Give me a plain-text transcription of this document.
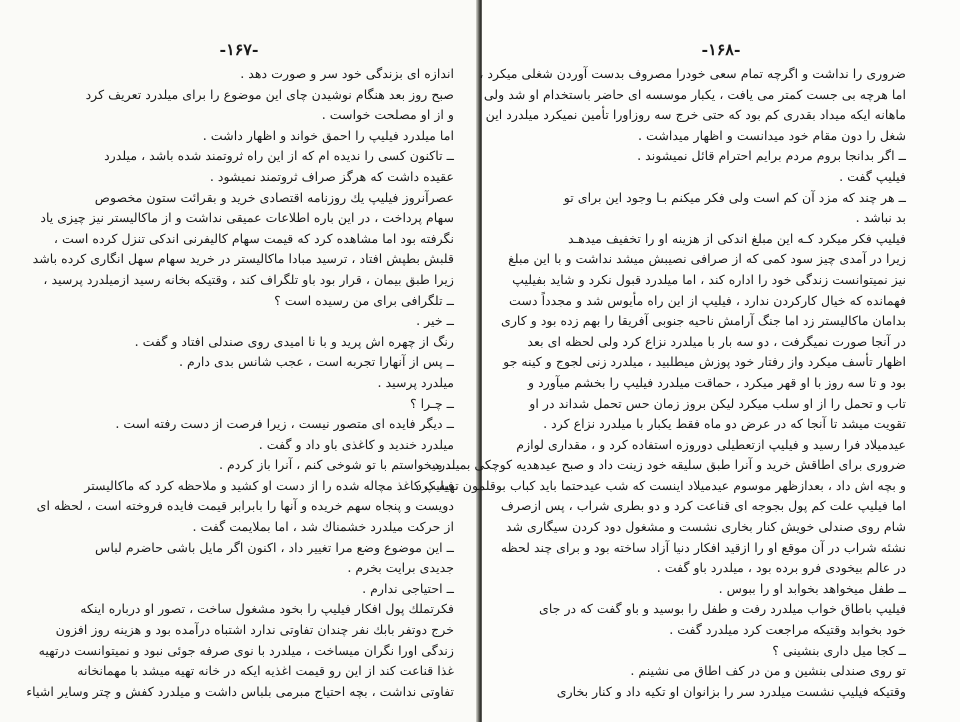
-۱۶۷-
اندازه ای بزندگی خود سر و صورت دهد .
صبح روز بعد هنگام نوشیدن چای این موضوع را برای میلدرد تعریف کرد
و از او مصلحت خواست .
اما میلدرد فیلیپ را احمق خواند و اظهار داشت .
ــ تاکنون کسی را ندیده ام که از این راه ثروتمند شده باشد ، میلدرد
عقیده داشت که هرگز صراف ثروتمند نمیشود .
عصرآنروز فیلیپ یك روزنامه اقتصادی خرید و بقرائت ستون مخصوص
سهام پرداخت ، در این باره اطلاعات عمیقی نداشت و از ماکالیستر نیز چیزی یاد
نگرفته بود اما مشاهده کرد که قیمت سهام کالیفرنی اندکی تنزل کرده است ،
قلبش بطپش افتاد ، ترسید مبادا ماکالیستر در خرید سهام سهل انگاری کرده باشد
زیرا طبق بیمان ، قرار بود باو تلگراف کند ، وقتیکه بخانه رسید ازمیلدرد پرسید ،
ــ تلگرافی برای من رسیده است ؟
ــ خیر .
رنگ از چهره اش پرید و با نا امیدی روی صندلی افتاد و گفت .
ــ پس از آنهارا تجربه است ، عجب شانس بدی دارم .
میلدرد پرسید .
ــ چـرا ؟
ــ دیگر فایده ای متصور نیست ، زیرا فرصت از دست رفته است .
میلدرد خندید و کاغذی باو داد و گفت .
ــ میخواستم با تو شوخی کنم ، آنرا باز کردم .
فیلیپ کاغذ مچاله شده را از دست او کشید و ملاحظه کرد که ماکالیستر
دویست و پنجاه سهم خریده و آنها را بابرابر قیمت فایده فروخته است ، لحظه ای
از حرکت میلدرد خشمناك شد ، اما بملایمت گفت .
ــ این موضوع وضع مرا تغییر داد ، اکنون اگر مایل باشی حاضرم لباس
جدیدی برایت بخرم .
ــ احتیاجی ندارم .
فکرتملك پول افکار فیلیپ را بخود مشغول ساخت ، تصور او درباره اینکه
خرج دوتفر بابك نفر چندان تفاوتی ندارد اشتباه درآمده بود و هزینه روز افزون
زندگی اورا نگران میساخت ، میلدرد با نوی صرفه جوئی نبود و نمیتوانست درتهیه
غذا قناعت کند از این رو قیمت اغذیه ایکه در خانه تهیه میشد با مهمانخانه
تفاوتی نداشت ، بچه احتیاج مبرمی بلباس داشت و میلدرد کفش و چتر وسایر اشیاء
-۱۶۸-
ضروری را نداشت و اگرچه تمام سعی خودرا مصروف بدست آوردن شغلی میکرد ،
اما هرچه بی جست کمتر می یافت ، یکبار موسسه ای حاضر باستخدام او شد ولی
ماهانه ایکه میداد بقدری کم بود که حتی خرج سه روزاورا تأمین نمیکرد میلدرد این
شغل را دون مقام خود میدانست و اظهار میداشت .
ــ اگر بدانجا بروم مردم برایم احترام قائل نمیشوند .
فیلیپ گفت .
ــ هر چند که مزد آن کم است ولی فکر میکنم بـا وجود این برای تو
بد نباشد .
فیلیپ فکر میکرد کـه این مبلغ اندکی از هزینه او را تخفیف میدهـد
زیرا در آمدی چیز سود کمی که از صرافی نصیبش میشد نداشت و با این مبلغ
نیز نمیتوانست زندگی خود را اداره کند ، اما میلدرد قبول نکرد و شاید بفیلیپ
فهمانده که خیال کارکردن ندارد ، فیلیپ از این راه مأیوس شد و مجدداً دست
بدامان ماکالیستر زد اما جنگ آرامش ناحیه جنوبی آفریقا را بهم زده بود و کاری
در آنجا صورت نمیگرفت ، دو سه بار با میلدرد نزاع کرد ولی لحظه ای بعد
اظهار تأسف میکرد واز رفتار خود پوزش میطلبید ، میلدرد زنی لجوج و کینه جو
بود و تا سه روز با او قهر میکرد ، حماقت میلدرد فیلیپ را بخشم میآورد و
تاب و تحمل را از او سلب میکرد لیکن بروز زمان حس تحمل شداند در او
تقویت میشد تا آنجا که در عرض دو ماه فقط یکبار با میلدرد نزاع کرد .
عیدمیلاد فرا رسید و فیلیپ ازتعطیلی دوروزه استفاده کرد و ، مقداری لوازم
ضروری برای اطاقش خرید و آنرا طبق سلیقه خود زینت داد و صبح عیدهدیه کوچکی بمیلدرد
و بچه اش داد ، بعدازظهر موسوم عیدمیلاد اینست که شب عیدحتما باید کباب بوقلمون تهیه کرد
اما فیلیپ علت کم پول بجوجه ای قناعت کرد و دو بطری شراب ، پس ازصرف
شام روی صندلی خویش کنار بخاری نشست و مشغول دود کردن سیگاری شد
نشئه شراب در آن موقع او را ازقید افکار دنیا آزاد ساخته بود و برای چند لحظه
در عالم بیخودی فرو برده بود ، میلدرد باو گفت .
ــ طفل میخواهد بخوابد او را ببوس .
فیلیپ باطاق خواب میلدرد رفت و طفل را بوسید و باو گفت که در جای
خود بخوابد وقتیکه مراجعت کرد میلدرد گفت .
ــ کجا میل داری بنشینی ؟
تو روی صندلی بنشین و من در کف اطاق می نشینم .
وقتیکه فیلیپ نشست میلدرد سر را بزانوان او تکیه داد و کنار بخاری
